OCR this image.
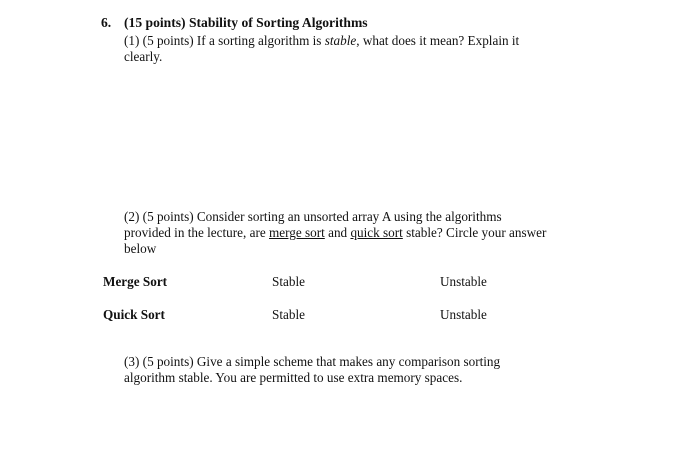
6. (15 points) Stability of Sorting Algorithms
(1) (5 points) If a sorting algorithm is stable, what does it mean? Explain it
clearly.
(2) (5 points) Consider sorting an unsorted array A using the algorithms
provided in the lecture, are merge sort and quick sort stable? Circle your answer
below
Merge Sort	Stable	Unstable
Quick Sort	Stable	Unstable
(3) (5 points) Give a simple scheme that makes any comparison sorting
algorithm stable. You are permitted to use extra memory spaces.
